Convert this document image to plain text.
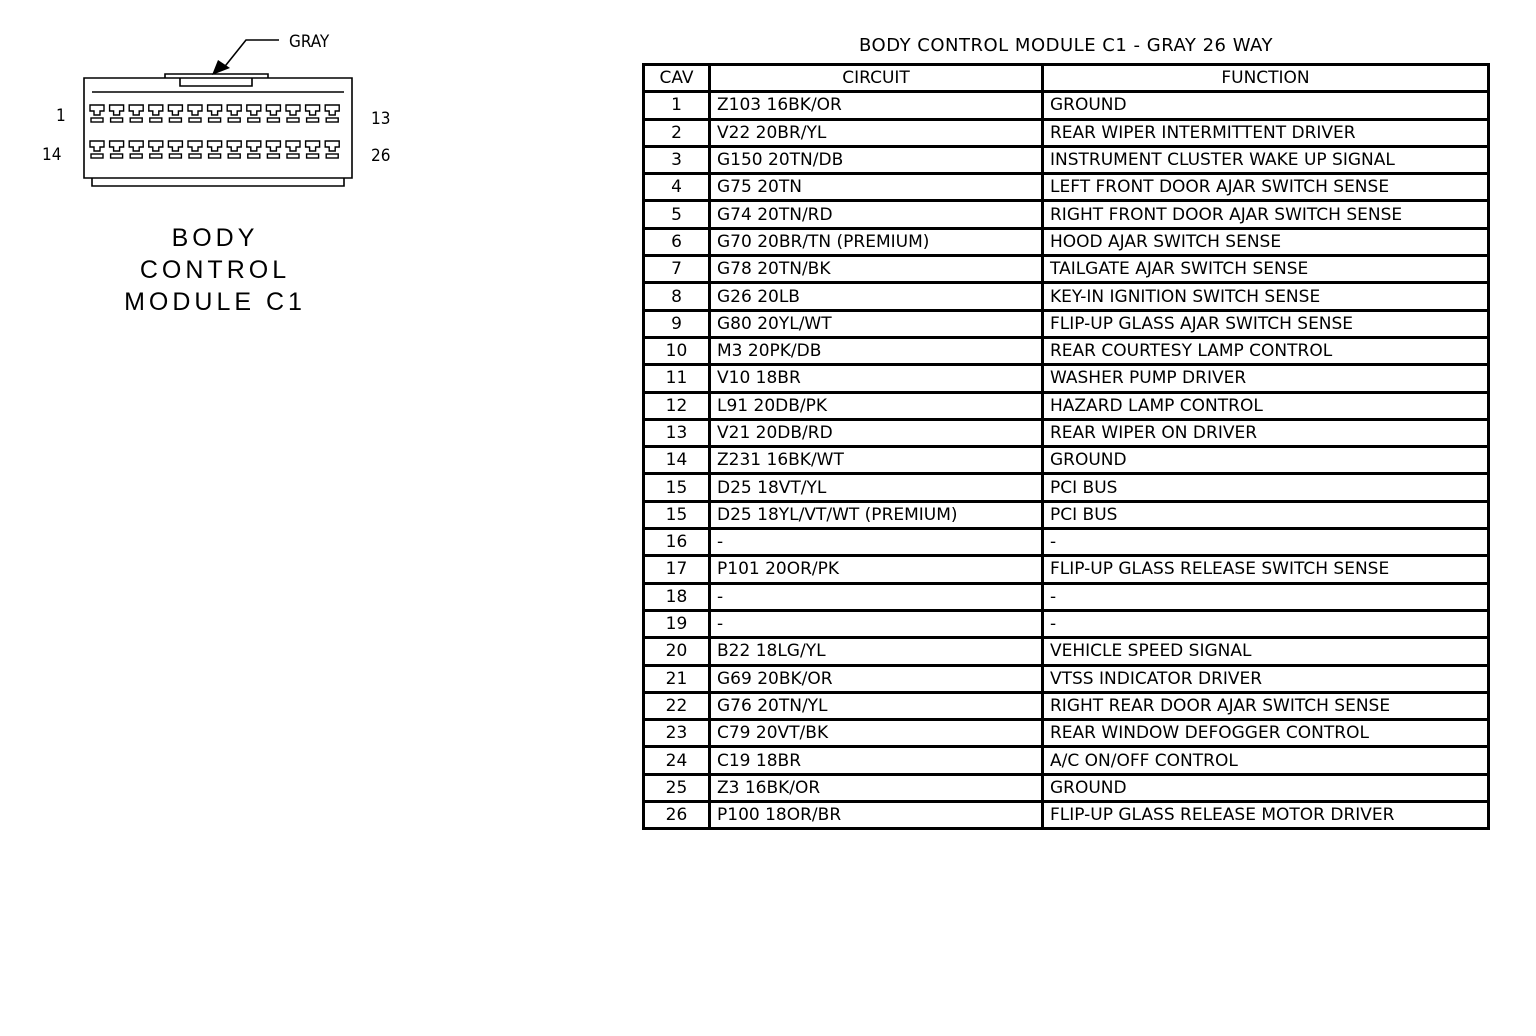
GRAY
1	13
14	26
BODY
CONTROL
MODULE C1
BODY CONTROL MODULE C1 - GRAY 26 WAY
CAV	CIRCUIT	FUNCTION
1	Z103 16BK/OR	GROUND
2	V22 20BR/YL	REAR WIPER INTERMITTENT DRIVER
3	G150 20TN/DB	INSTRUMENT CLUSTER WAKE UP SIGNAL
4	G75 20TN	LEFT FRONT DOOR AJAR SWITCH SENSE
5	G74 20TN/RD	RIGHT FRONT DOOR AJAR SWITCH SENSE
6	G70 20BR/TN (PREMIUM)	HOOD AJAR SWITCH SENSE
7	G78 20TN/BK	TAILGATE AJAR SWITCH SENSE
8	G26 20LB	KEY-IN IGNITION SWITCH SENSE
9	G80 20YL/WT	FLIP-UP GLASS AJAR SWITCH SENSE
10	M3 20PK/DB	REAR COURTESY LAMP CONTROL
11	V10 18BR	WASHER PUMP DRIVER
12	L91 20DB/PK	HAZARD LAMP CONTROL
13	V21 20DB/RD	REAR WIPER ON DRIVER
14	Z231 16BK/WT	GROUND
15	D25 18VT/YL	PCI BUS
15	D25 18YL/VT/WT (PREMIUM)	PCI BUS
16	-	-
17	P101 20OR/PK	FLIP-UP GLASS RELEASE SWITCH SENSE
18	-	-
19	-	-
20	B22 18LG/YL	VEHICLE SPEED SIGNAL
21	G69 20BK/OR	VTSS INDICATOR DRIVER
22	G76 20TN/YL	RIGHT REAR DOOR AJAR SWITCH SENSE
23	C79 20VT/BK	REAR WINDOW DEFOGGER CONTROL
24	C19 18BR	A/C ON/OFF CONTROL
25	Z3 16BK/OR	GROUND
26	P100 18OR/BR	FLIP-UP GLASS RELEASE MOTOR DRIVER
